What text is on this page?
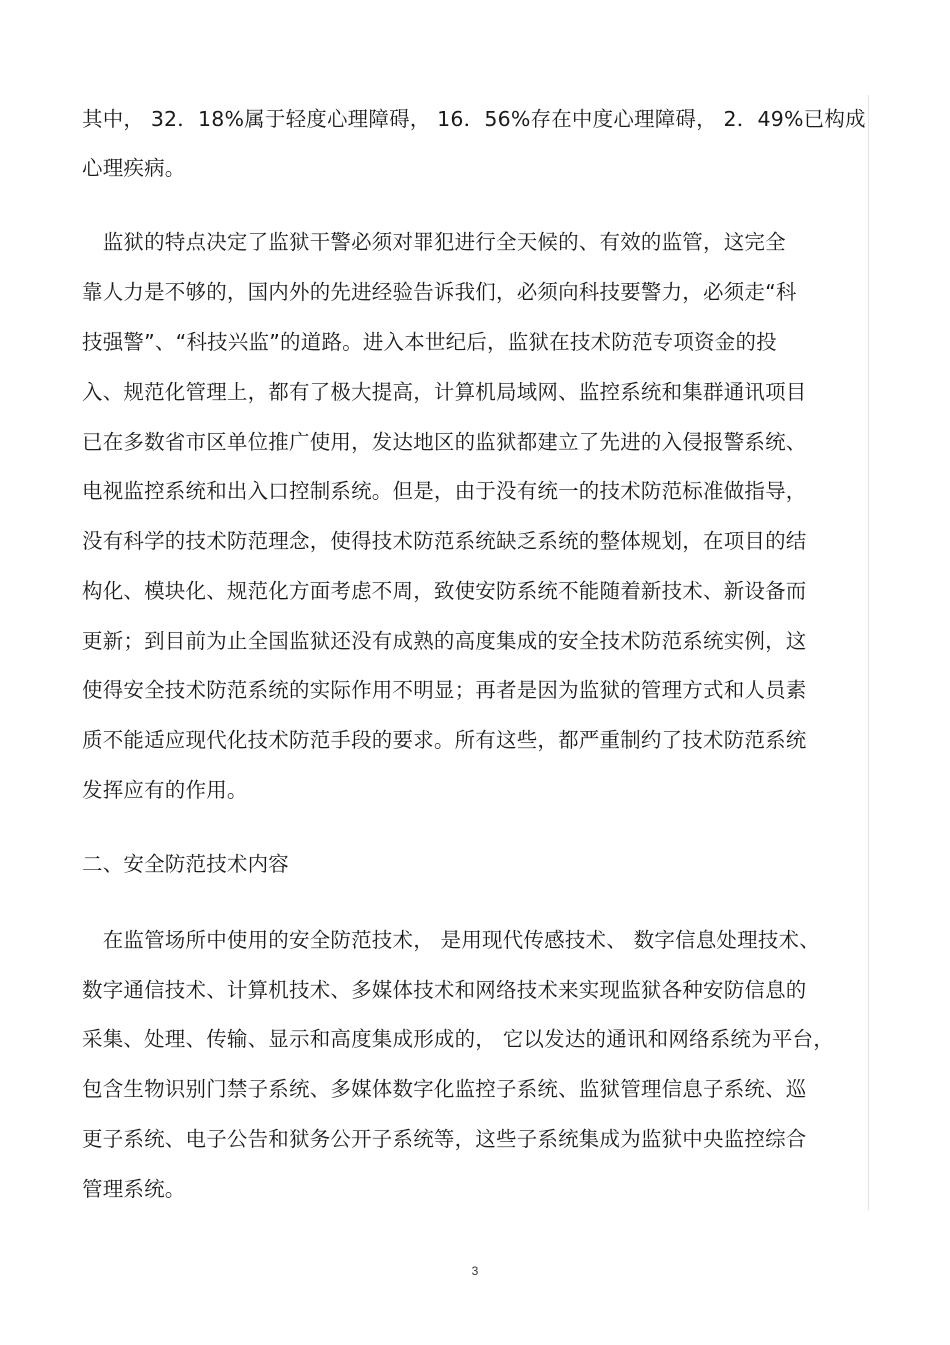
其中， 32．18%属于轻度心理障碍， 16．56%存在中度心理障碍， 2．49%已构成
心理疾病。
　监狱的特点决定了监狱干警必须对罪犯进行全天候的、有效的监管，这完全
靠人力是不够的，国内外的先进经验告诉我们，必须向科技要警力，必须走“科
技强警”、“科技兴监”的道路。进入本世纪后，监狱在技术防范专项资金的投
入、规范化管理上，都有了极大提高，计算机局域网、监控系统和集群通讯项目
已在多数省市区单位推广使用，发达地区的监狱都建立了先进的入侵报警系统、
电视监控系统和出入口控制系统。但是，由于没有统一的技术防范标准做指导，
没有科学的技术防范理念，使得技术防范系统缺乏系统的整体规划，在项目的结
构化、模块化、规范化方面考虑不周，致使安防系统不能随着新技术、新设备而
更新；到目前为止全国监狱还没有成熟的高度集成的安全技术防范系统实例，这
使得安全技术防范系统的实际作用不明显；再者是因为监狱的管理方式和人员素
质不能适应现代化技术防范手段的要求。所有这些，都严重制约了技术防范系统
发挥应有的作用。
二、安全防范技术内容
　在监管场所中使用的安全防范技术， 是用现代传感技术、 数字信息处理技术、
数字通信技术、计算机技术、多媒体技术和网络技术来实现监狱各种安防信息的
采集、处理、传输、显示和高度集成形成的， 它以发达的通讯和网络系统为平台，
包含生物识别门禁子系统、多媒体数字化监控子系统、监狱管理信息子系统、巡
更子系统、电子公告和狱务公开子系统等，这些子系统集成为监狱中央监控综合
管理系统。
3
